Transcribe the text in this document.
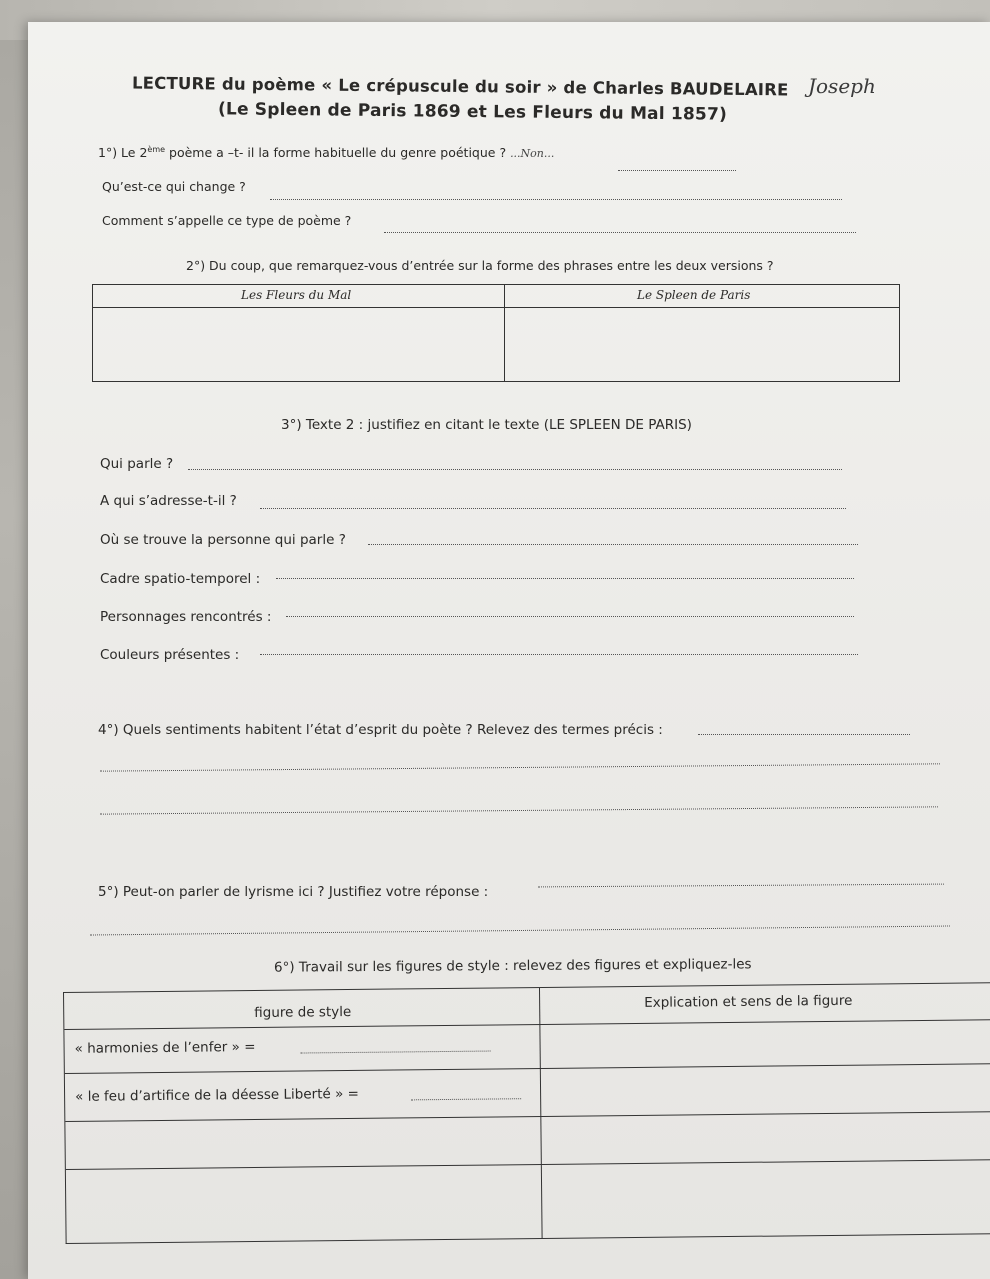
Joseph
LECTURE du poème « Le crépuscule du soir » de Charles BAUDELAIRE
(Le Spleen de Paris 1869 et Les Fleurs du Mal 1857)
1°) Le 2ème poème a –t- il la forme habituelle du genre poétique ? ...Non...
Qu’est-ce qui change ?
Comment s’appelle ce type de poème ?
2°) Du coup, que remarquez-vous d’entrée sur la forme des phrases entre les deux versions ?
Les Fleurs du Mal	Le Spleen de Paris
3°) Texte 2 : justifiez en citant le texte (LE SPLEEN DE PARIS)
Qui parle ?
A qui s’adresse-t-il ?
Où se trouve la personne qui parle ?
Cadre spatio-temporel :
Personnages rencontrés :
Couleurs présentes :
4°) Quels sentiments habitent l’état d’esprit du poète ? Relevez des termes précis :
5°) Peut-on parler de lyrisme ici ? Justifiez votre réponse :
6°) Travail sur les figures de style : relevez des figures et expliquez-les
figure de style
Explication et sens de la figure
« harmonies de l’enfer » =
« le feu d’artifice de la déesse Liberté » =
